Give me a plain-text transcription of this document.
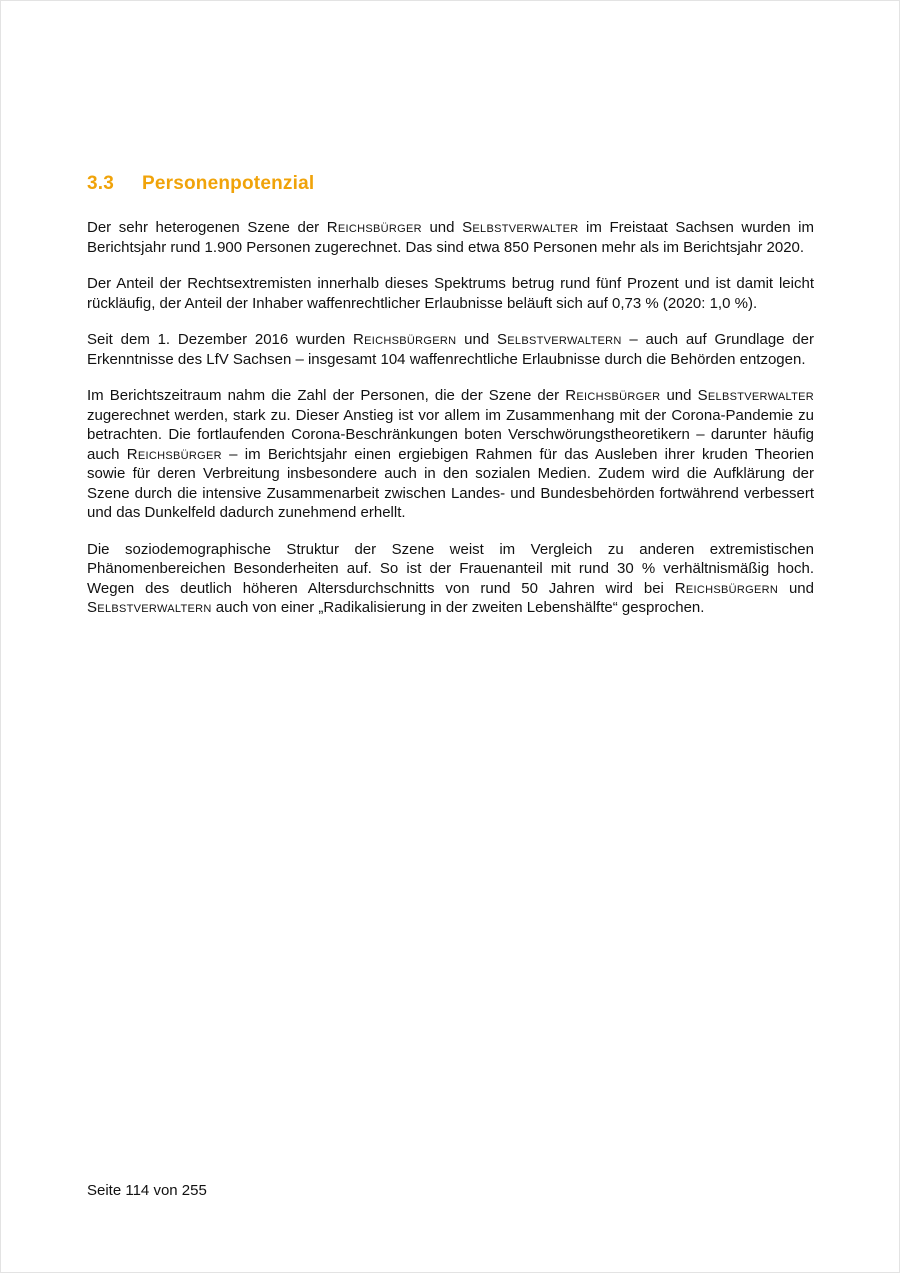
3.3 Personenpotenzial

Der sehr heterogenen Szene der Reichsbürger und Selbstverwalter im Freistaat Sachsen wurden im Berichtsjahr rund 1.900 Personen zugerechnet. Das sind etwa 850 Personen mehr als im Berichtsjahr 2020.

Der Anteil der Rechtsextremisten innerhalb dieses Spektrums betrug rund fünf Prozent und ist damit leicht rückläufig, der Anteil der Inhaber waffenrechtlicher Erlaubnisse beläuft sich auf 0,73 % (2020: 1,0 %).

Seit dem 1. Dezember 2016 wurden Reichsbürgern und Selbstverwaltern – auch auf Grundlage der Erkenntnisse des LfV Sachsen – insgesamt 104 waffenrechtliche Erlaubnisse durch die Behörden entzogen.

Im Berichtszeitraum nahm die Zahl der Personen, die der Szene der Reichsbürger und Selbstverwalter zugerechnet werden, stark zu. Dieser Anstieg ist vor allem im Zusammenhang mit der Corona-Pandemie zu betrachten. Die fortlaufenden Corona-Beschränkungen boten Verschwörungstheoretikern – darunter häufig auch Reichsbürger – im Berichtsjahr einen ergiebigen Rahmen für das Ausleben ihrer kruden Theorien sowie für deren Verbreitung insbesondere auch in den sozialen Medien. Zudem wird die Aufklärung der Szene durch die intensive Zusammenarbeit zwischen Landes- und Bundesbehörden fortwährend verbessert und das Dunkelfeld dadurch zunehmend erhellt.

Die soziodemographische Struktur der Szene weist im Vergleich zu anderen extremistischen Phänomenbereichen Besonderheiten auf. So ist der Frauenanteil mit rund 30 % verhältnismäßig hoch. Wegen des deutlich höheren Altersdurchschnitts von rund 50 Jahren wird bei Reichsbürgern und Selbstverwaltern auch von einer „Radikalisierung in der zweiten Lebenshälfte“ gesprochen.

Seite 114 von 255
